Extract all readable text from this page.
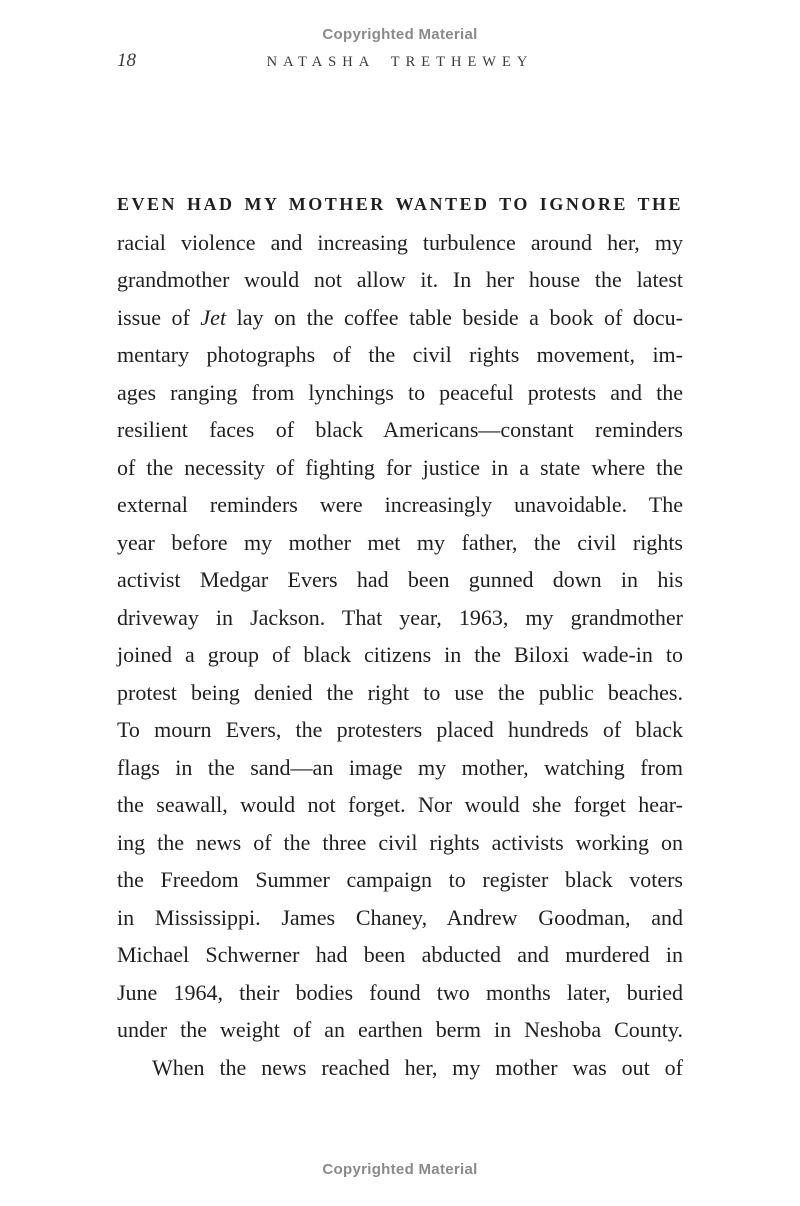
Copyrighted Material
18	NATASHA TRETHEWEY
EVEN HAD MY MOTHER WANTED TO IGNORE THE
racial violence and increasing turbulence around her, my
grandmother would not allow it. In her house the latest
issue of Jet lay on the coffee table beside a book of docu-
mentary photographs of the civil rights movement, im-
ages ranging from lynchings to peaceful protests and the
resilient faces of black Americans—constant reminders
of the necessity of fighting for justice in a state where the
external reminders were increasingly unavoidable. The
year before my mother met my father, the civil rights
activist Medgar Evers had been gunned down in his
driveway in Jackson. That year, 1963, my grandmother
joined a group of black citizens in the Biloxi wade-in to
protest being denied the right to use the public beaches.
To mourn Evers, the protesters placed hundreds of black
flags in the sand—an image my mother, watching from
the seawall, would not forget. Nor would she forget hear-
ing the news of the three civil rights activists working on
the Freedom Summer campaign to register black voters
in Mississippi. James Chaney, Andrew Goodman, and
Michael Schwerner had been abducted and murdered in
June 1964, their bodies found two months later, buried
under the weight of an earthen berm in Neshoba County.
When the news reached her, my mother was out of
Copyrighted Material
